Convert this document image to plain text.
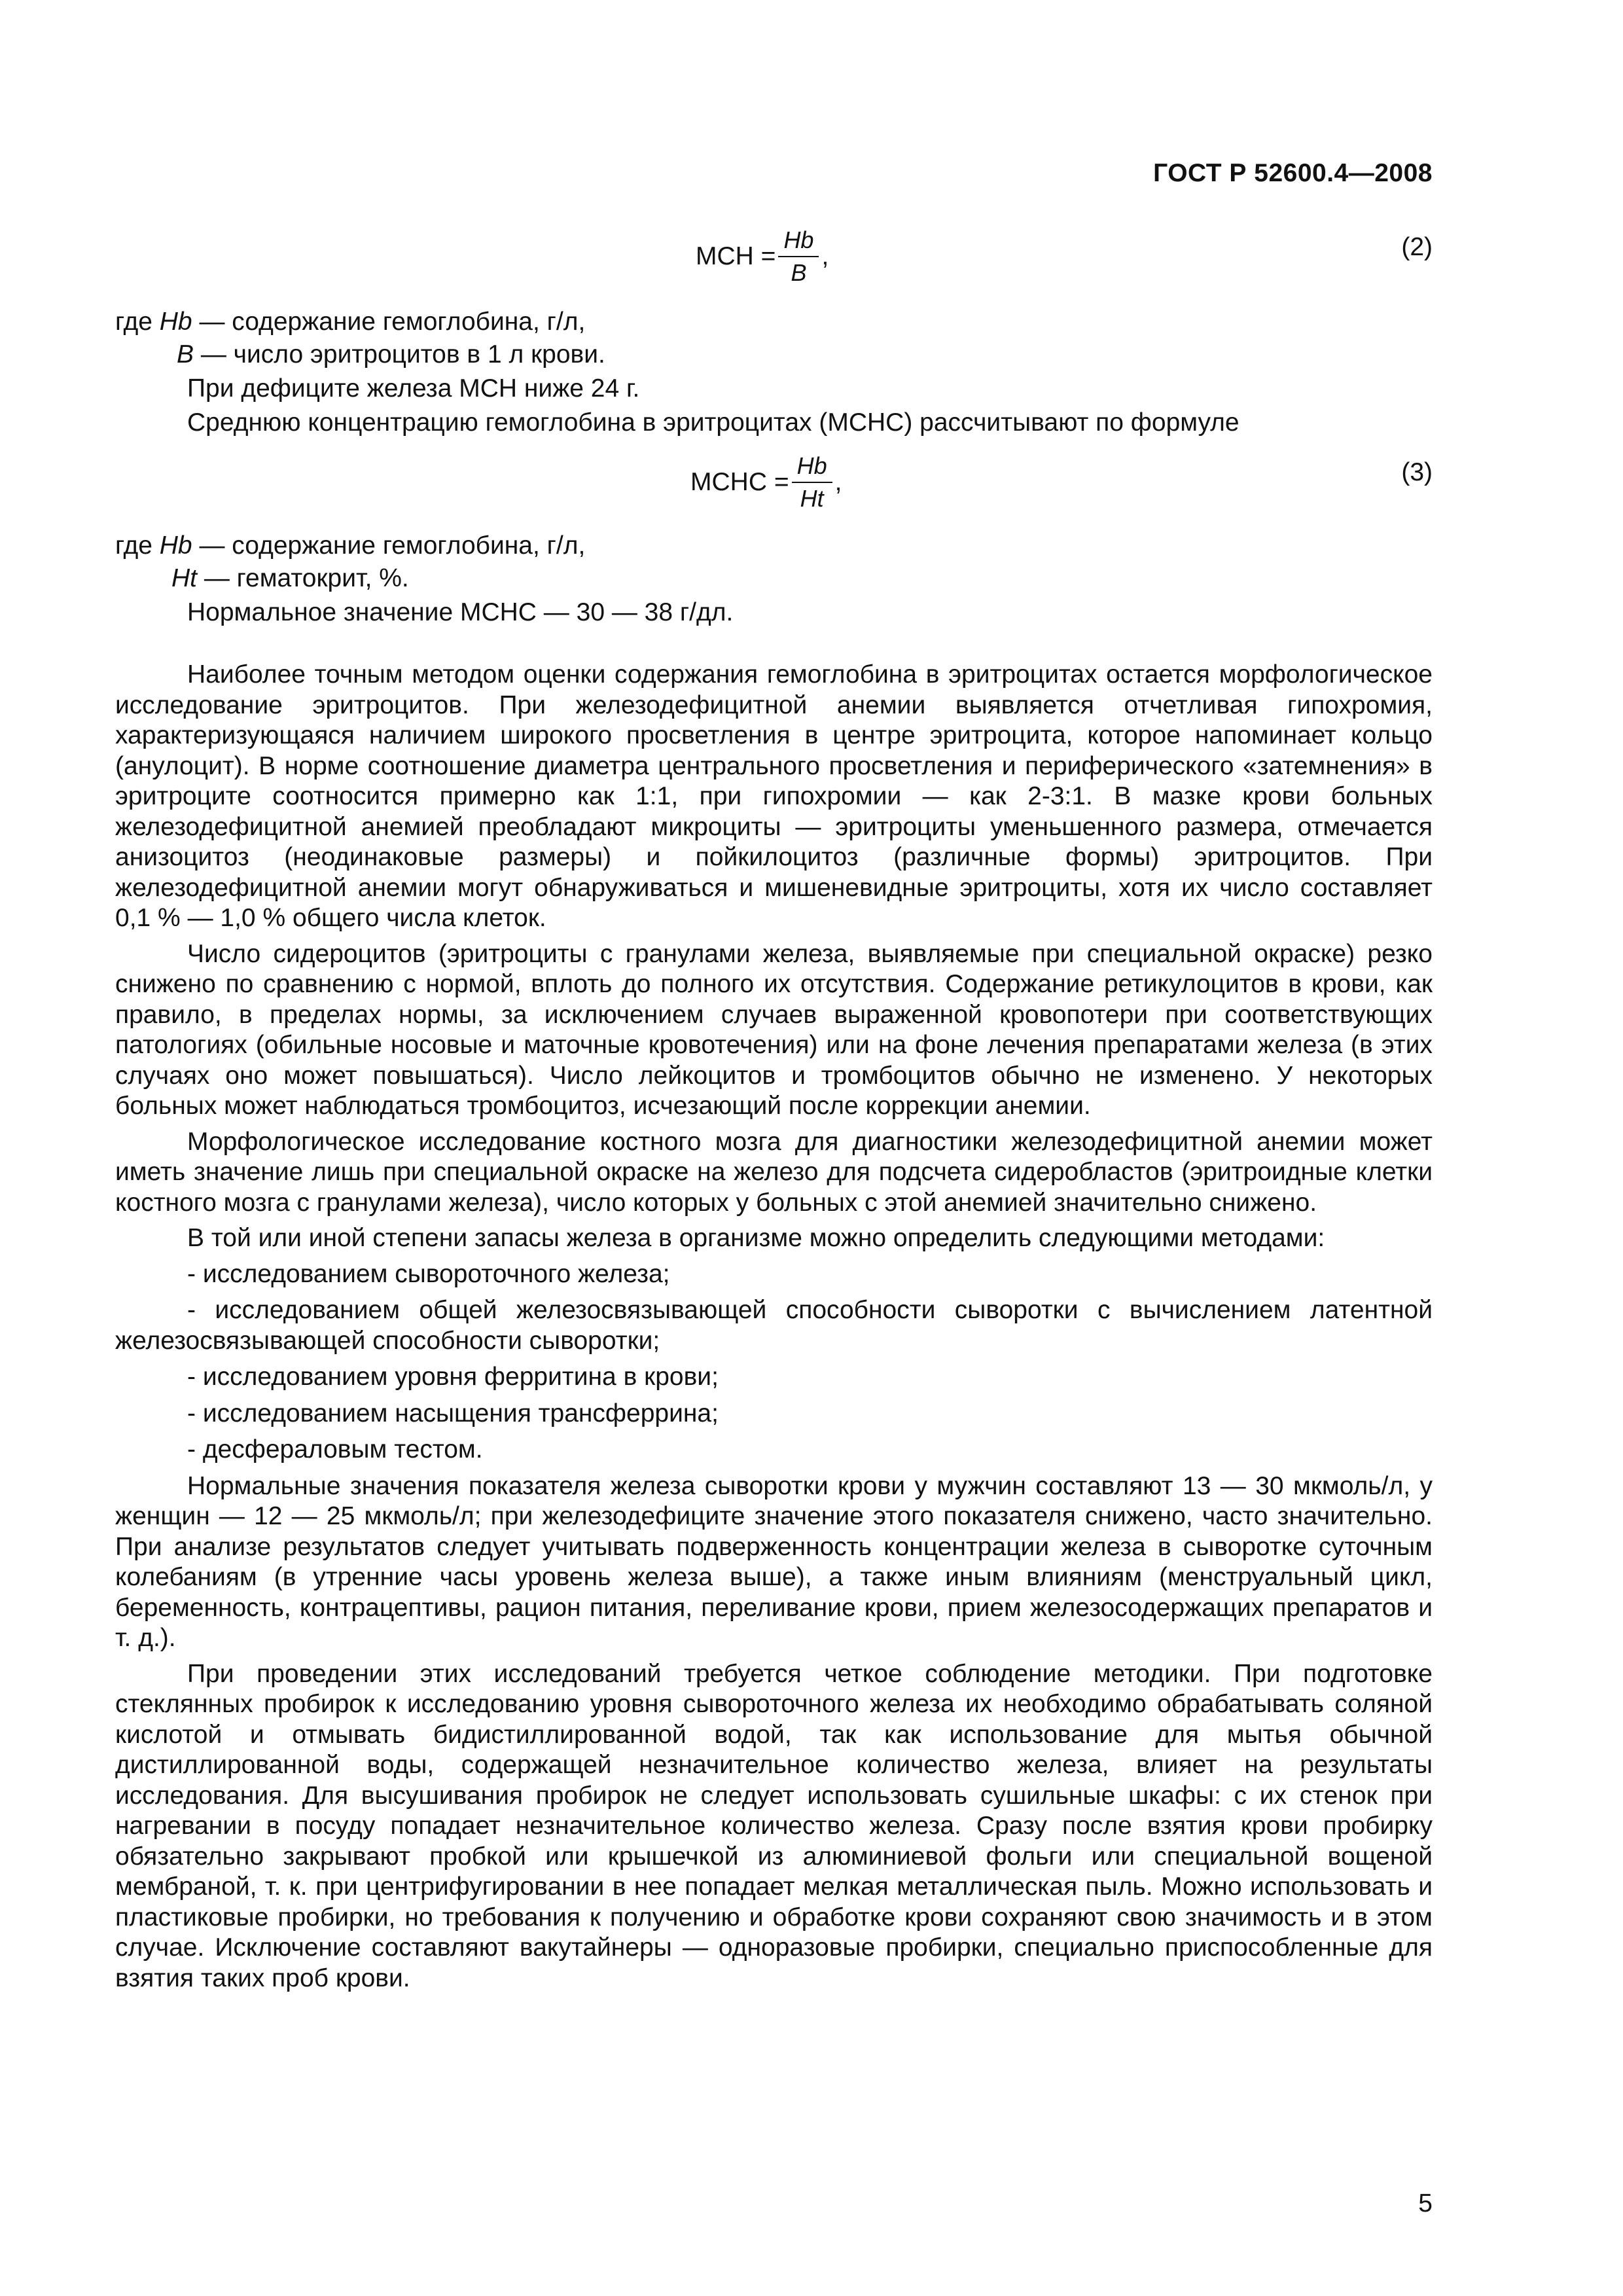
ГОСТ Р 52600.4—2008
MCH = $\frac{Hb}{B}$ ,	(2)
где Hb — содержание гемоглобина, г/л,
B — число эритроцитов в 1 л крови.
При дефиците железа MCH ниже 24 г.
Среднюю концентрацию гемоглобина в эритроцитах (MCHC) рассчитывают по формуле
MCHC = $\frac{Hb}{Ht}$ ,	(3)
где Hb — содержание гемоглобина, г/л,
Ht — гематокрит, %.
Нормальное значение MCHC — 30 — 38 г/дл.

Наиболее точным методом оценки содержания гемоглобина в эритроцитах остается морфологическое исследование эритроцитов. При железодефицитной анемии выявляется отчетливая гипохромия, характеризующаяся наличием широкого просветления в центре эритроцита, которое напоминает кольцо (анулоцит). В норме соотношение диаметра центрального просветления и периферического «затемнения» в эритроците соотносится примерно как 1:1, при гипохромии — как 2-3:1. В мазке крови больных железодефицитной анемией преобладают микроциты — эритроциты уменьшенного размера, отмечается анизоцитоз (неодинаковые размеры) и пойкилоцитоз (различные формы) эритроцитов. При железодефицитной анемии могут обнаруживаться и мишеневидные эритроциты, хотя их число составляет 0,1 % — 1,0 % общего числа клеток.

Число сидероцитов (эритроциты с гранулами железа, выявляемые при специальной окраске) резко снижено по сравнению с нормой, вплоть до полного их отсутствия. Содержание ретикулоцитов в крови, как правило, в пределах нормы, за исключением случаев выраженной кровопотери при соответствующих патологиях (обильные носовые и маточные кровотечения) или на фоне лечения препаратами железа (в этих случаях оно может повышаться). Число лейкоцитов и тромбоцитов обычно не изменено. У некоторых больных может наблюдаться тромбоцитоз, исчезающий после коррекции анемии.

Морфологическое исследование костного мозга для диагностики железодефицитной анемии может иметь значение лишь при специальной окраске на железо для подсчета сидеробластов (эритроидные клетки костного мозга с гранулами железа), число которых у больных с этой анемией значительно снижено.

В той или иной степени запасы железа в организме можно определить следующими методами:

- исследованием сывороточного железа;

- исследованием общей железосвязывающей способности сыворотки с вычислением латентной железосвязывающей способности сыворотки;

- исследованием уровня ферритина в крови;

- исследованием насыщения трансферрина;

- десфераловым тестом.

Нормальные значения показателя железа сыворотки крови у мужчин составляют 13 — 30 мкмоль/л, у женщин — 12 — 25 мкмоль/л; при железодефиците значение этого показателя снижено, часто значительно. При анализе результатов следует учитывать подверженность концентрации железа в сыворотке суточным колебаниям (в утренние часы уровень железа выше), а также иным влияниям (менструальный цикл, беременность, контрацептивы, рацион питания, переливание крови, прием железосодержащих препаратов и т. д.).

При проведении этих исследований требуется четкое соблюдение методики. При подготовке стеклянных пробирок к исследованию уровня сывороточного железа их необходимо обрабатывать соляной кислотой и отмывать бидистиллированной водой, так как использование для мытья обычной дистиллированной воды, содержащей незначительное количество железа, влияет на результаты исследования. Для высушивания пробирок не следует использовать сушильные шкафы: с их стенок при нагревании в посуду попадает незначительное количество железа. Сразу после взятия крови пробирку обязательно закрывают пробкой или крышечкой из алюминиевой фольги или специальной вощеной мембраной, т. к. при центрифугировании в нее попадает мелкая металлическая пыль. Можно использовать и пластиковые пробирки, но требования к получению и обработке крови сохраняют свою значимость и в этом случае. Исключение составляют вакутайнеры — одноразовые пробирки, специально приспособленные для взятия таких проб крови.

5
